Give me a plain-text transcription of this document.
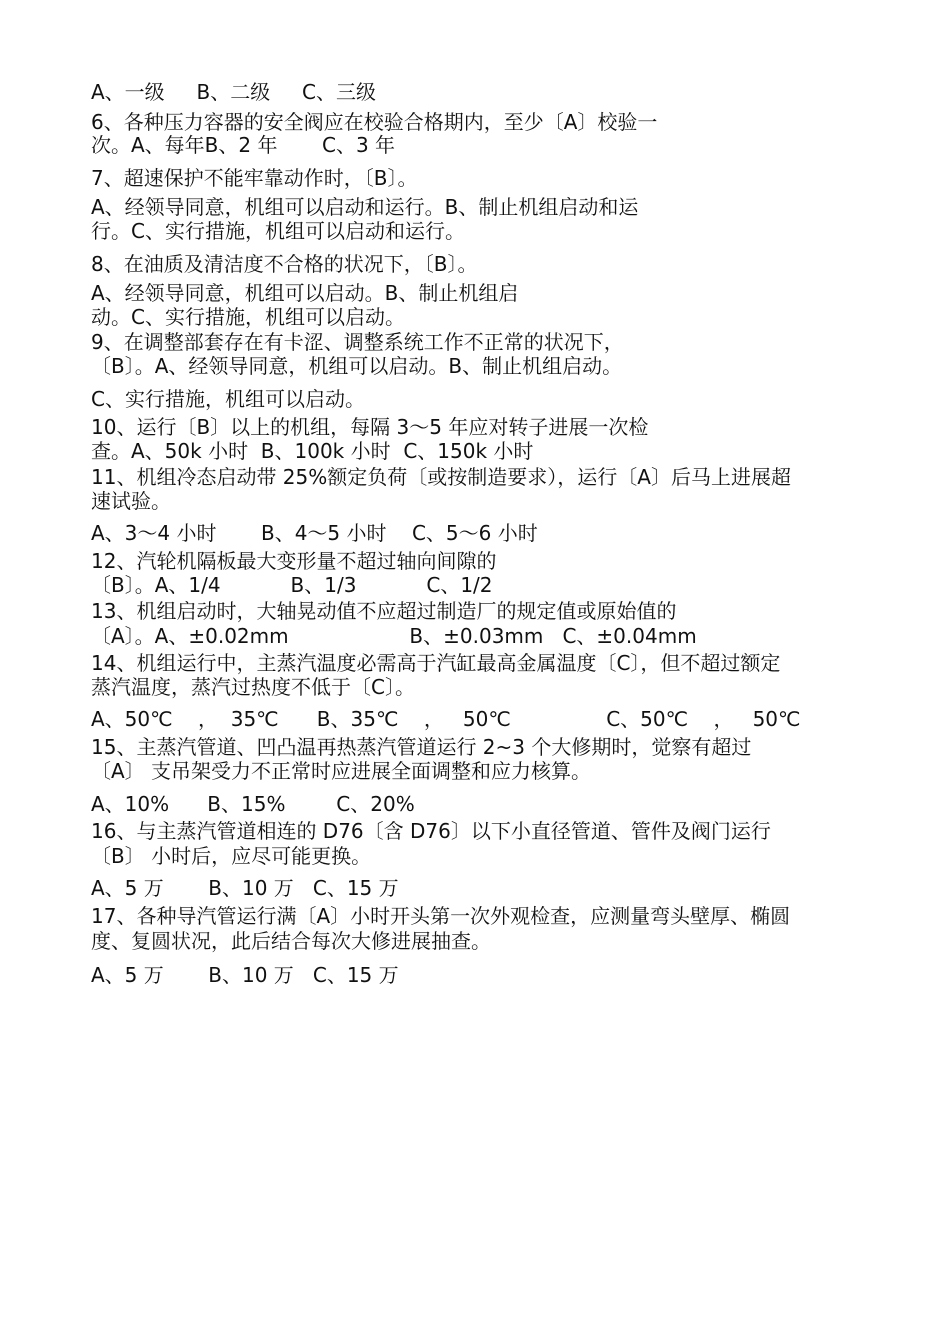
A、一级     B、二级     C、三级
6、各种压力容器的安全阀应在校验合格期内，至少〔A〕校验一
次。A、每年B、2 年       C、3 年
7、超速保护不能牢靠动作时，〔B〕。
A、经领导同意，机组可以启动和运行。B、制止机组启动和运
行。C、实行措施，机组可以启动和运行。
8、在油质及清洁度不合格的状况下，〔B〕。
A、经领导同意，机组可以启动。B、制止机组启
动。C、实行措施，机组可以启动。
9、在调整部套存在有卡涩、调整系统工作不正常的状况下，
〔B〕。A、经领导同意，机组可以启动。B、制止机组启动。
C、实行措施，机组可以启动。
10、运行〔B〕以上的机组，每隔 3～5 年应对转子进展一次检
查。A、50k 小时  B、100k 小时  C、150k 小时
11、机组冷态启动带 25%额定负荷〔或按制造要求），运行〔A〕后马上进展超
速试验。
A、3～4 小时       B、4～5 小时    C、5～6 小时
12、汽轮机隔板最大变形量不超过轴向间隙的
〔B〕。A、1/4           B、1/3           C、1/2
13、机组启动时，大轴晃动值不应超过制造厂的规定值或原始值的
〔A〕。A、±0.02mm                   B、±0.03mm   C、±0.04mm
14、机组运行中，主蒸汽温度必需高于汽缸最高金属温度〔C〕，但不超过额定
蒸汽温度，蒸汽过热度不低于〔C〕。
A、50℃    ，  35℃      B、35℃    ，   50℃               C、50℃    ，   50℃
15、主蒸汽管道、凹凸温再热蒸汽管道运行 2~3 个大修期时，觉察有超过
〔A〕 支吊架受力不正常时应进展全面调整和应力核算。
A、10%      B、15%        C、20%
16、与主蒸汽管道相连的 D76〔含 D76〕以下小直径管道、管件及阀门运行
〔B〕 小时后，应尽可能更换。
A、5 万       B、10 万   C、15 万
17、各种导汽管运行满〔A〕小时开头第一次外观检查，应测量弯头壁厚、椭圆
度、复圆状况，此后结合每次大修进展抽查。
A、5 万       B、10 万   C、15 万
